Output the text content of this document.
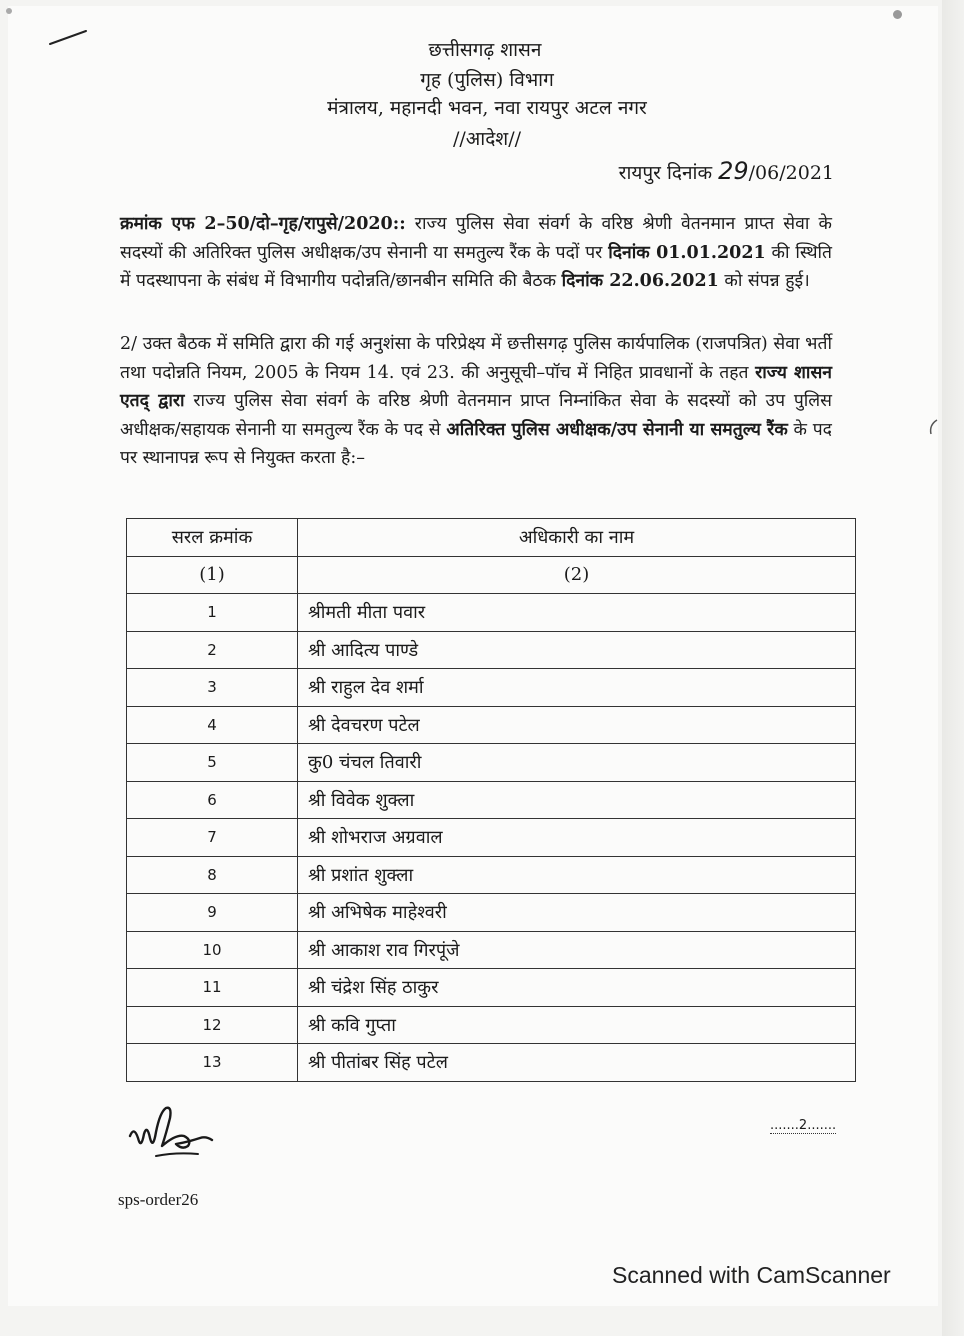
छत्तीसगढ़ शासन
गृह (पुलिस) विभाग
मंत्रालय, महानदी भवन, नवा रायपुर अटल नगर
//आदेश//
रायपुर दिनांक 29/06/2021
क्रमांक एफ 2–50/दो–गृह/रापुसे/2020:: राज्य पुलिस सेवा संवर्ग के वरिष्ठ श्रेणी वेतनमान प्राप्त सेवा के सदस्यों की अतिरिक्त पुलिस अधीक्षक/उप सेनानी या समतुल्य रैंक के पदों पर दिनांक 01.01.2021 की स्थिति में पदस्थापना के संबंध में विभागीय पदोन्नति/छानबीन समिति की बैठक दिनांक 22.06.2021 को संपन्न हुई।
2/ उक्त बैठक में समिति द्वारा की गई अनुशंसा के परिप्रेक्ष्य में छत्तीसगढ़ पुलिस कार्यपालिक (राजपत्रित) सेवा भर्ती तथा पदोन्नति नियम, 2005 के नियम 14. एवं 23. की अनुसूची–पॉच में निहित प्रावधानों के तहत राज्य शासन एतद् द्वारा राज्य पुलिस सेवा संवर्ग के वरिष्ठ श्रेणी वेतनमान प्राप्त निम्नांकित सेवा के सदस्यों को उप पुलिस अधीक्षक/सहायक सेनानी या समतुल्य रैंक के पद से अतिरिक्त पुलिस अधीक्षक/उप सेनानी या समतुल्य रैंक के पद पर स्थानापन्न रूप से नियुक्त करता है:–
सरल क्रमांक	अधिकारी का नाम
(1)	(2)
1	श्रीमती मीता पवार
2	श्री आदित्य पाण्डे
3	श्री राहुल देव शर्मा
4	श्री देवचरण पटेल
5	कु0 चंचल तिवारी
6	श्री विवेक शुक्ला
7	श्री शोभराज अग्रवाल
8	श्री प्रशांत शुक्ला
9	श्री अभिषेक माहेश्वरी
10	श्री आकाश राव गिरपूंजे
11	श्री चंद्रेश सिंह ठाकुर
12	श्री कवि गुप्ता
13	श्री पीतांबर सिंह पटेल
.......2.......
sps-order26
Scanned with CamScanner
